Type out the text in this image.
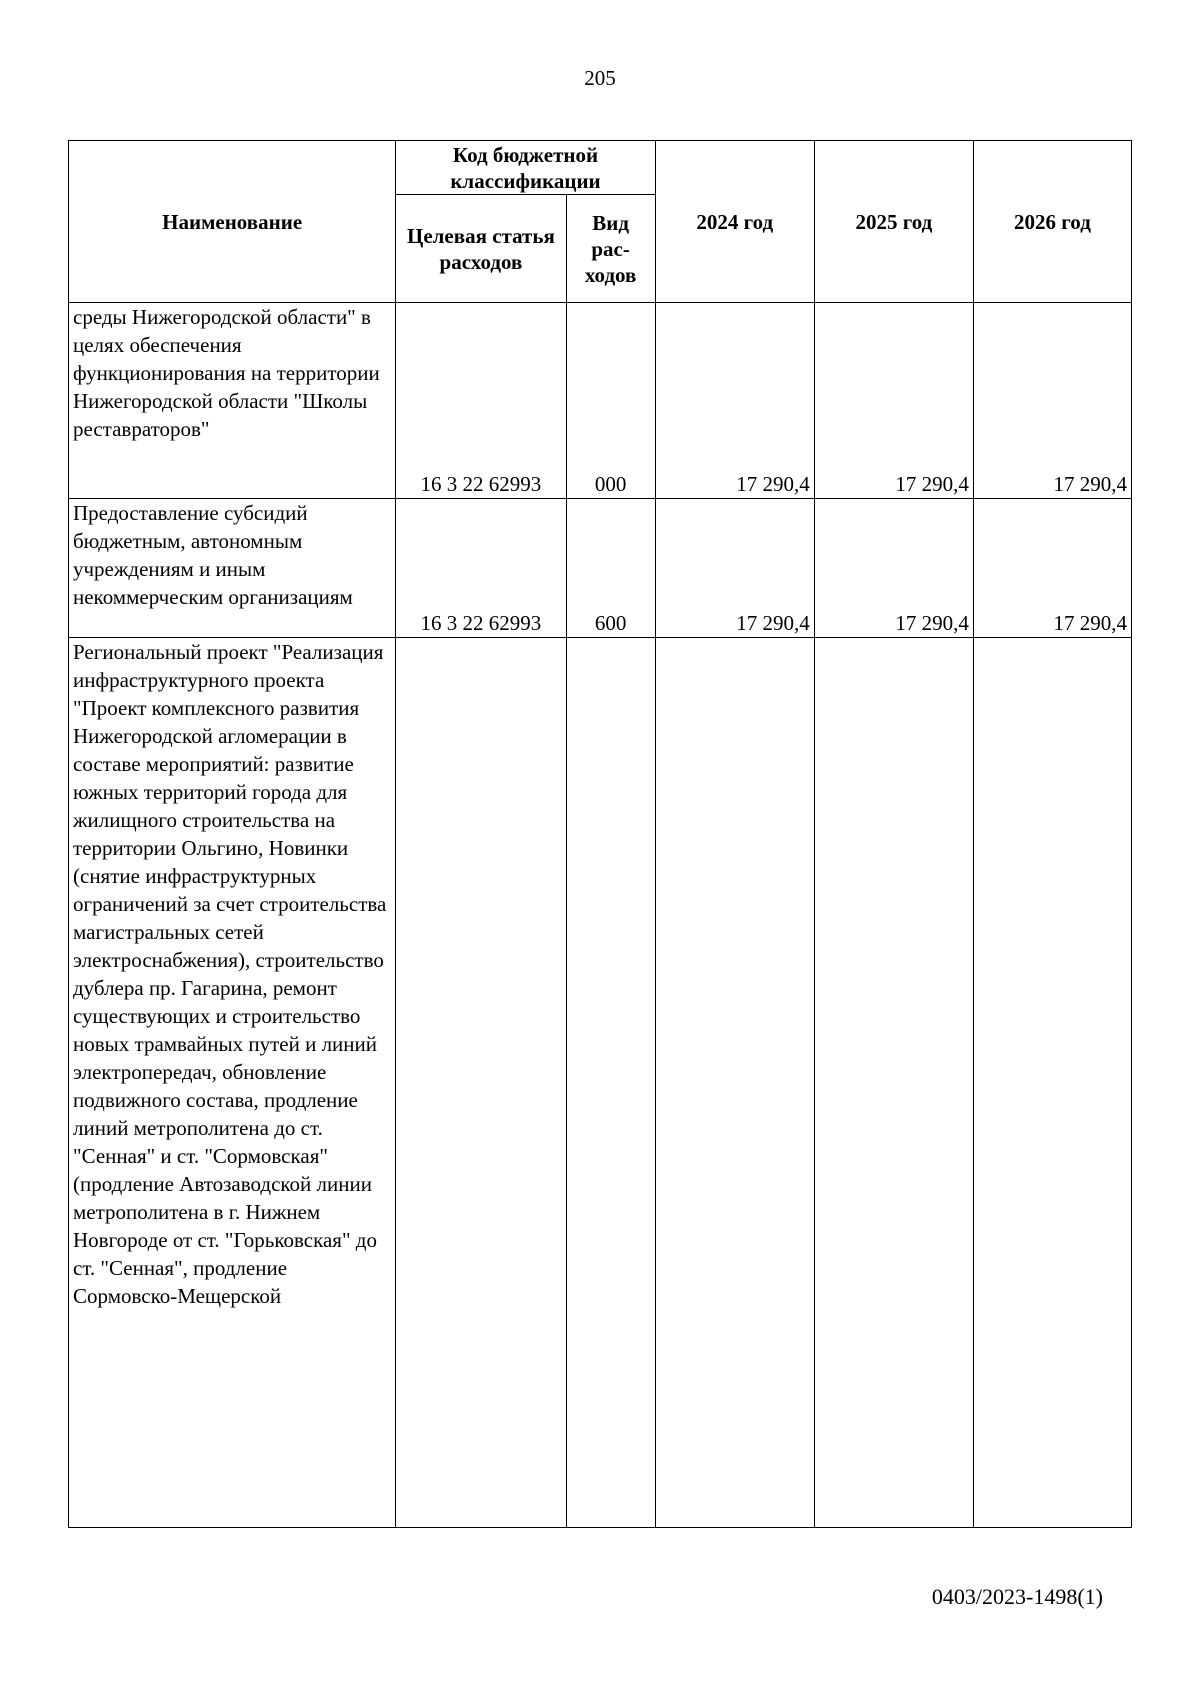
205
Наименование	Код бюджетной классификации		2024 год	2025 год	2026 год
	Целевая статья расходов	Вид рас-ходов			
среды Нижегородской области" в целях обеспечения функционирования на территории Нижегородской области "Школы реставраторов"	16 3 22 62993	000	17 290,4	17 290,4	17 290,4
Предоставление субсидий бюджетным, автономным учреждениям и иным некоммерческим организациям	16 3 22 62993	600	17 290,4	17 290,4	17 290,4
Региональный проект "Реализация инфраструктурного проекта "Проект комплексного развития Нижегородской агломерации в составе мероприятий: развитие южных территорий города для жилищного строительства на территории Ольгино, Новинки (снятие инфраструктурных ограничений за счет строительства магистральных сетей электроснабжения), строительство дублера пр. Гагарина, ремонт существующих и строительство новых трамвайных путей и линий электропередач, обновление подвижного состава, продление линий метрополитена до ст. "Сенная" и ст. "Сормовская" (продление Автозаводской линии метрополитена в г. Нижнем Новгороде от ст. "Горьковская" до ст. "Сенная", продление Сормовско-Мещерской					
0403/2023-1498(1)
